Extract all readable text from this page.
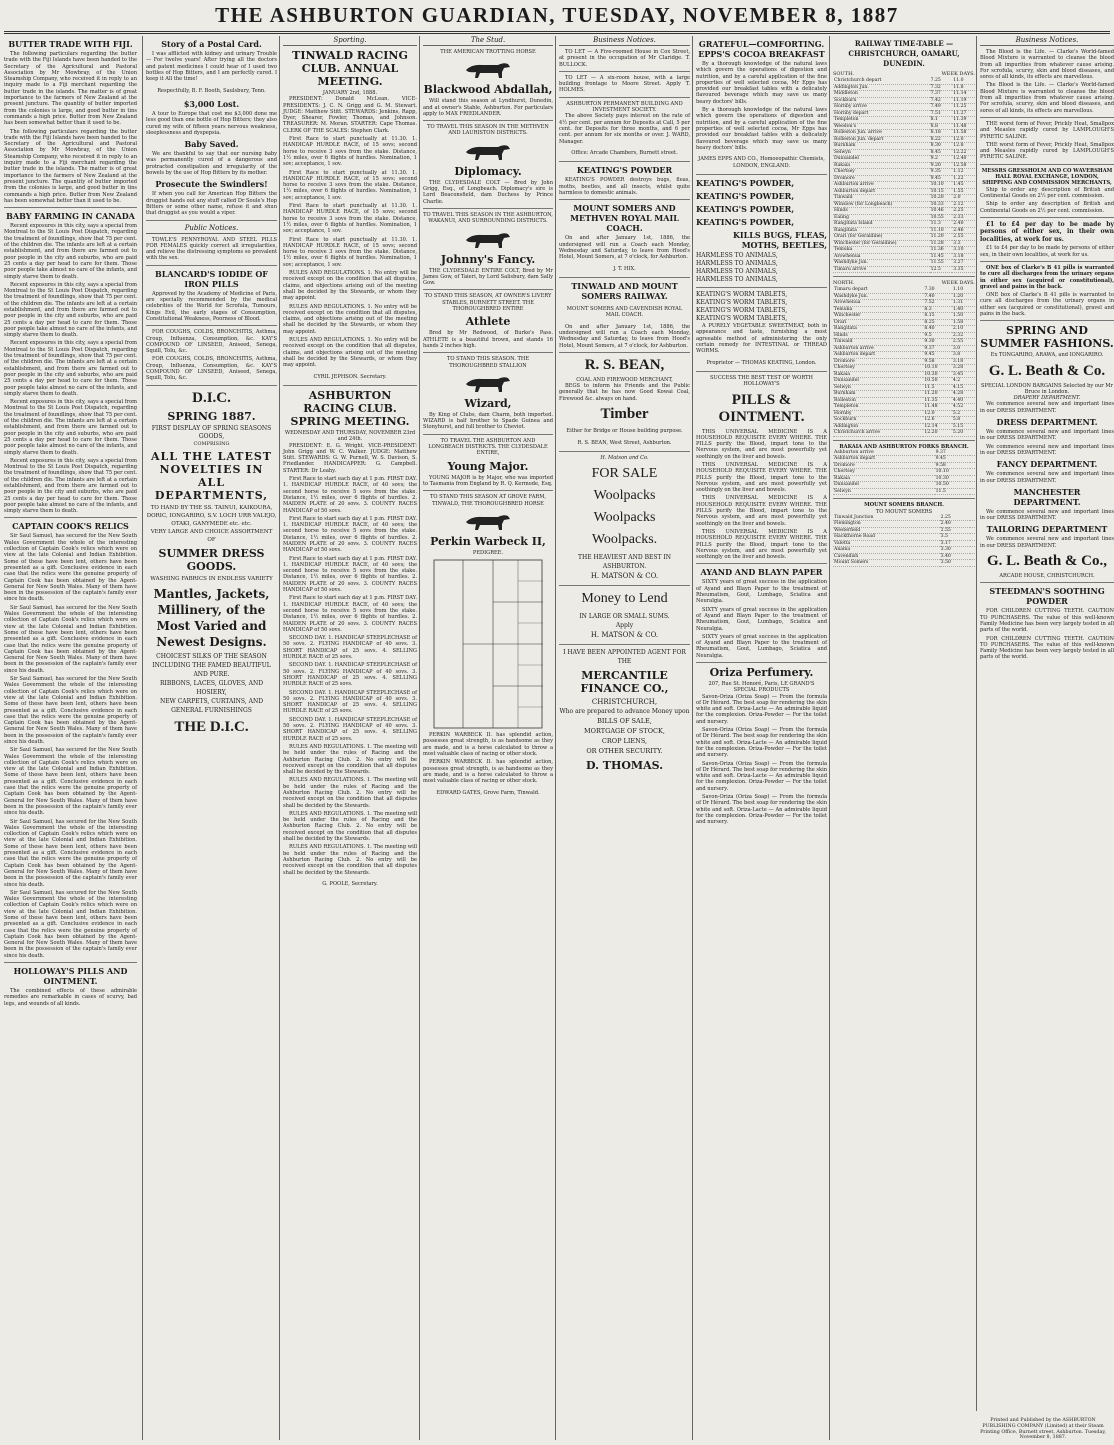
THE ASHBURTON GUARDIAN, TUESDAY, NOVEMBER 8, 1887
BUTTER TRADE WITH FIJI.

The following particulars regarding the butter trade with the Fiji Islands have been handed to the Secretary of the Agricultural and Pastoral Association by Mr Mowbray, of the Union Steamship Company, who received it in reply to an inquiry made to a Fiji merchant regarding the butter trade in the islands. The matter is of great importance to the farmers of New Zealand at the present juncture. The quantity of butter imported from the colonies is large, and good butter in tins commands a high price. Butter from New Zealand has been somewhat better than it used to be.

The following particulars regarding the butter trade with the Fiji Islands have been handed to the Secretary of the Agricultural and Pastoral Association by Mr Mowbray, of the Union Steamship Company, who received it in reply to an inquiry made to a Fiji merchant regarding the butter trade in the islands. The matter is of great importance to the farmers of New Zealand at the present juncture. The quantity of butter imported from the colonies is large, and good butter in tins commands a high price. Butter from New Zealand has been somewhat better than it used to be.

BABY FARMING IN CANADA

Recent exposures in this city, says a special from Montreal to the St Louis Post Dispatch, regarding the treatment of foundlings, show that 75 per cent. of the children die. The infants are left at a certain establishment, and from there are farmed out to poor people in the city and suburbs, who are paid 25 cents a day per head to care for them. Those poor people take almost no care of the infants, and simply starve them to death.

Recent exposures in this city, says a special from Montreal to the St Louis Post Dispatch, regarding the treatment of foundlings, show that 75 per cent. of the children die. The infants are left at a certain establishment, and from there are farmed out to poor people in the city and suburbs, who are paid 25 cents a day per head to care for them. Those poor people take almost no care of the infants, and simply starve them to death.

Recent exposures in this city, says a special from Montreal to the St Louis Post Dispatch, regarding the treatment of foundlings, show that 75 per cent. of the children die. The infants are left at a certain establishment, and from there are farmed out to poor people in the city and suburbs, who are paid 25 cents a day per head to care for them. Those poor people take almost no care of the infants, and simply starve them to death.

Recent exposures in this city, says a special from Montreal to the St Louis Post Dispatch, regarding the treatment of foundlings, show that 75 per cent. of the children die. The infants are left at a certain establishment, and from there are farmed out to poor people in the city and suburbs, who are paid 25 cents a day per head to care for them. Those poor people take almost no care of the infants, and simply starve them to death.

Recent exposures in this city, says a special from Montreal to the St Louis Post Dispatch, regarding the treatment of foundlings, show that 75 per cent. of the children die. The infants are left at a certain establishment, and from there are farmed out to poor people in the city and suburbs, who are paid 25 cents a day per head to care for them. Those poor people take almost no care of the infants, and simply starve them to death.

CAPTAIN COOK'S RELICS

Sir Saul Samuel, has secured for the New South Wales Government the whole of the interesting collection of Captain Cook's relics which were on view at the late Colonial and Indian Exhibition. Some of these have been lent, others have been presented as a gift. Conclusive evidence in each case that the relics were the genuine property of Captain Cook has been obtained by the Agent-General for New South Wales. Many of them have been in the possession of the captain's family ever since his death.

Sir Saul Samuel, has secured for the New South Wales Government the whole of the interesting collection of Captain Cook's relics which were on view at the late Colonial and Indian Exhibition. Some of these have been lent, others have been presented as a gift. Conclusive evidence in each case that the relics were the genuine property of Captain Cook has been obtained by the Agent-General for New South Wales. Many of them have been in the possession of the captain's family ever since his death.

Sir Saul Samuel, has secured for the New South Wales Government the whole of the interesting collection of Captain Cook's relics which were on view at the late Colonial and Indian Exhibition. Some of these have been lent, others have been presented as a gift. Conclusive evidence in each case that the relics were the genuine property of Captain Cook has been obtained by the Agent-General for New South Wales. Many of them have been in the possession of the captain's family ever since his death.

Sir Saul Samuel, has secured for the New South Wales Government the whole of the interesting collection of Captain Cook's relics which were on view at the late Colonial and Indian Exhibition. Some of these have been lent, others have been presented as a gift. Conclusive evidence in each case that the relics were the genuine property of Captain Cook has been obtained by the Agent-General for New South Wales. Many of them have been in the possession of the captain's family ever since his death.

Sir Saul Samuel, has secured for the New South Wales Government the whole of the interesting collection of Captain Cook's relics which were on view at the late Colonial and Indian Exhibition. Some of these have been lent, others have been presented as a gift. Conclusive evidence in each case that the relics were the genuine property of Captain Cook has been obtained by the Agent-General for New South Wales. Many of them have been in the possession of the captain's family ever since his death.

Sir Saul Samuel, has secured for the New South Wales Government the whole of the interesting collection of Captain Cook's relics which were on view at the late Colonial and Indian Exhibition. Some of these have been lent, others have been presented as a gift. Conclusive evidence in each case that the relics were the genuine property of Captain Cook has been obtained by the Agent-General for New South Wales. Many of them have been in the possession of the captain's family ever since his death.

HOLLOWAY'S PILLS AND OINTMENT.

The combined effects of these admirable remedies are remarkable in cases of scurvy, bad legs, and wounds of all kinds.

Story of a Postal Card.

I was afflicted with kidney and urinary Trouble — For twelve years! After trying all the doctors and patent medicines I could hear of I used two bottles of Hop Bitters, and I am perfectly cured. I keep it All the time!

Respectfully, B. F. Booth, Saulsbury, Tenn.

$3,000 Lost.

A tour to Europe that cost me $3,000 done me less good than one bottle of Hop Bitters; they also cured my wife of fifteen years nervous weakness, sleeplessness and dyspepsia.

Baby Saved.

We are thankful to say that our nursing baby was permanently cured of a dangerous and protracted constipation and irregularity of the bowels by the use of Hop Bitters by its mother.

Prosecute the Swindlers!

If when you call for American Hop Bitters the druggist hands out any stuff called Dr Soule's Hop Bitters or some other name, refuse it and shun that druggist as you would a viper.

Public Notices.

TOWLE'S PENNYROYAL AND STEEL PILLS FOR FEMALES quickly correct all irregularities, and relieve the distressing symptoms so prevalent with the sex.

BLANCARD'S IODIDE OF IRON PILLS

Approved by the Academy of Medicine of Paris, are specially recommended by the medical celebrities of the World for Scrofula, Tumours, Kings Evil, the early stages of Consumption, Constitutional Weakness, Poorness of Blood.

FOR COUGHS, COLDS, BRONCHITIS, Asthma, Croup, Influenza, Consumption, &c. KAY'S COMPOUND OF LINSEED, Aniseed, Senega, Squill, Tolu, &c.

FOR COUGHS, COLDS, BRONCHITIS, Asthma, Croup, Influenza, Consumption, &c. KAY'S COMPOUND OF LINSEED, Aniseed, Senega, Squill, Tolu, &c.

D.I.C.
SPRING 1887.
FIRST DISPLAY OF SPRING SEASONS GOODS,
COMPRISING
ALL THE LATEST NOVELTIES IN ALL DEPARTMENTS,
TO HAND BY THE SS. TAINUI, KAIKOURA, DORIC, IONGARIRO, S.V. LOCH URR VALEJO, OTAKI, GANYMEDE etc. etc.
VERY LARGE AND CHOICE ASSORTMENT OF
SUMMER DRESS GOODS.
WASHING FABRICS IN ENDLESS VARIETY
Mantles, Jackets, Millinery, of the Most Varied and Newest Designs.
CHOICEST SILKS OF THE SEASON INCLUDING THE FAMED BEAUTIFUL AND PURE.
RIBBONS, LACES, GLOVES, AND HOSIERY,
NEW CARPETS, CURTAINS, AND GENERAL FURNISHINGS
THE D.I.C.
Sporting.
TINWALD RACING CLUB. ANNUAL MEETING.
JANUARY 2nd, 1888.

PRESIDENT: Donald McLean. VICE-PRESIDENTS: J. C. N. Grigg and G. M. Stewart. JUDGE: Matthew Stitt. STEWARDS: Jenkins, Rapp, Dyer, Shearer, Fowler, Thomas, and Johnson. TREASURER: M. Moran. STARTER: Cape Thomas. CLERK OF THE SCALES: Stephen Clark.

First Race to start punctually at 11.30. 1. HANDICAP HURDLE RACE, of 15 sovs; second horse to receive 3 sovs from the stake. Distance, 1½ miles, over 6 flights of hurdles. Nomination, 1 sov; acceptance, 1 sov.

First Race to start punctually at 11.30. 1. HANDICAP HURDLE RACE, of 15 sovs; second horse to receive 3 sovs from the stake. Distance, 1½ miles, over 6 flights of hurdles. Nomination, 1 sov; acceptance, 1 sov.

First Race to start punctually at 11.30. 1. HANDICAP HURDLE RACE, of 15 sovs; second horse to receive 3 sovs from the stake. Distance, 1½ miles, over 6 flights of hurdles. Nomination, 1 sov; acceptance, 1 sov.

First Race to start punctually at 11.30. 1. HANDICAP HURDLE RACE, of 15 sovs; second horse to receive 3 sovs from the stake. Distance, 1½ miles, over 6 flights of hurdles. Nomination, 1 sov; acceptance, 1 sov.

RULES AND REGULATIONS. 1. No entry will be received except on the condition that all disputes, claims, and objections arising out of the meeting shall be decided by the Stewards, or whom they may appoint.

RULES AND REGULATIONS. 1. No entry will be received except on the condition that all disputes, claims, and objections arising out of the meeting shall be decided by the Stewards, or whom they may appoint.

RULES AND REGULATIONS. 1. No entry will be received except on the condition that all disputes, claims, and objections arising out of the meeting shall be decided by the Stewards, or whom they may appoint.

CYRIL JEPHSON. Secretary.

ASHBURTON RACING CLUB. SPRING MEETING.
WEDNESDAY AND THURSDAY, NOVEMBER 23rd and 24th.

PRESIDENT: E. G. Wright. VICE-PRESIDENT: John Grigg and W. C. Walker. JUDGE: Matthew Stitt. STEWARDS: G. W. Purnell, W. S. Davison, S. Friedlander. HANDICAPPER: G. Campbell. STARTER: Dr Leahy.

First Race to start each day at 1 p.m. FIRST DAY. 1. HANDICAP HURDLE RACE, of 40 sovs; the second horse to receive 5 sovs from the stake. Distance, 1½ miles, over 6 flights of hurdles. 2. MAIDEN PLATE of 20 sovs. 3. COUNTY RACES HANDICAP of 50 sovs.

First Race to start each day at 1 p.m. FIRST DAY. 1. HANDICAP HURDLE RACE, of 40 sovs; the second horse to receive 5 sovs from the stake. Distance, 1½ miles, over 6 flights of hurdles. 2. MAIDEN PLATE of 20 sovs. 3. COUNTY RACES HANDICAP of 50 sovs.

First Race to start each day at 1 p.m. FIRST DAY. 1. HANDICAP HURDLE RACE, of 40 sovs; the second horse to receive 5 sovs from the stake. Distance, 1½ miles, over 6 flights of hurdles. 2. MAIDEN PLATE of 20 sovs. 3. COUNTY RACES HANDICAP of 50 sovs.

First Race to start each day at 1 p.m. FIRST DAY. 1. HANDICAP HURDLE RACE, of 40 sovs; the second horse to receive 5 sovs from the stake. Distance, 1½ miles, over 6 flights of hurdles. 2. MAIDEN PLATE of 20 sovs. 3. COUNTY RACES HANDICAP of 50 sovs.

SECOND DAY. 1. HANDICAP STEEPLECHASE of 50 sovs. 2. FLYING HANDICAP of 40 sovs. 3. SHORT HANDICAP of 25 sovs. 4. SELLING HURDLE RACE of 25 sovs.

SECOND DAY. 1. HANDICAP STEEPLECHASE of 50 sovs. 2. FLYING HANDICAP of 40 sovs. 3. SHORT HANDICAP of 25 sovs. 4. SELLING HURDLE RACE of 25 sovs.

SECOND DAY. 1. HANDICAP STEEPLECHASE of 50 sovs. 2. FLYING HANDICAP of 40 sovs. 3. SHORT HANDICAP of 25 sovs. 4. SELLING HURDLE RACE of 25 sovs.

SECOND DAY. 1. HANDICAP STEEPLECHASE of 50 sovs. 2. FLYING HANDICAP of 40 sovs. 3. SHORT HANDICAP of 25 sovs. 4. SELLING HURDLE RACE of 25 sovs.

RULES AND REGULATIONS. 1. The meeting will be held under the rules of Racing and the Ashburton Racing Club. 2. No entry will be received except on the condition that all disputes shall be decided by the Stewards.

RULES AND REGULATIONS. 1. The meeting will be held under the rules of Racing and the Ashburton Racing Club. 2. No entry will be received except on the condition that all disputes shall be decided by the Stewards.

RULES AND REGULATIONS. 1. The meeting will be held under the rules of Racing and the Ashburton Racing Club. 2. No entry will be received except on the condition that all disputes shall be decided by the Stewards.

RULES AND REGULATIONS. 1. The meeting will be held under the rules of Racing and the Ashburton Racing Club. 2. No entry will be received except on the condition that all disputes shall be decided by the Stewards.

G. POOLE, Secretary.

The Stud.
THE AMERICAN TROTTING HORSE
Blackwood Abdallah,

Will stand this season at Lyndhurst, Dunedin, and at owner's Stable, Ashburton. For particulars apply to MAX FRIEDLANDER.

TO TRAVEL THIS SEASON IN THE METHVEN AND LAURISTON DISTRICTS.
Diplomacy.

THE CLYDESDALE COLT — Bred by John Grigg, Esq., of Longbeach. Diplomacy's sire is Lord Beaconsfield, dam Duchess by Prince Charlie.

TO TRAVEL THIS SEASON IN THE ASHBURTON, WAKANUI, AND SURROUNDING DISTRICTS.
Johnny's Fancy.

THE CLYDESDALE ENTIRE COLT, Bred by Mr James Gow, of Taieri, by Lord Salisbury, dam Sally Gow.

TO STAND THIS SEASON, AT OWNER'S LIVERY STABLES, BURNETT STREET. THE THOROUGHBRED ENTIRE
Athlete

Bred by Mr Redwood, of Burke's Pass. ATHLETE is a beautiful brown, and stands 16 hands 2 inches high.

TO STAND THIS SEASON. THE THOROUGHBRED STALLION
Wizard,

By King of Clubs, dam Charm, both imported. WIZARD is half brother to Spade Guinea and Stonyhurst, and full brother to Cheviot.

TO TRAVEL THE ASHBURTON AND LONGBEACH DISTRICTS. THE CLYDESDALE ENTIRE,
Young Major.

YOUNG MAJOR is by Major, who was imported to Tasmania from England by R. Q. Kermode, Esq.

TO STAND THIS SEASON AT GROVE FARM, TINWALD, THE THOROUGHBRED HORSE
Perkin Warbeck II,
PEDIGREE.

PERKIN WARBECK II. has splendid action, possesses great strength, is as handsome as they are made, and is a horse calculated to throw a most valuable class of racing or other stock.

PERKIN WARBECK II. has splendid action, possesses great strength, is as handsome as they are made, and is a horse calculated to throw a most valuable class of racing or other stock.

EDWARD GATES, Grove Farm, Tinwald.

Business Notices.

TO LET — A Five-roomed House in Cox Street, at present in the occupation of Mr Claridge. T. BULLOCK.

TO LET — A six-room house, with a large building frontage to Moore Street. Apply T. HOLMES.

ASHBURTON PERMANENT BUILDING AND INVESTMENT SOCIETY.

The above Society pays interest on the rate of 4½ per cent. per annum for Deposits at Call, 5 per cent. for Deposits for three months, and 6 per cent. per annum for six months or over. J. WARD, Manager.

Office: Arcade Chambers, Burnett street.

KEATING'S POWDER

KEATING'S POWDER destroys bugs, fleas, moths, beetles, and all insects, whilst quite harmless to domestic animals.

MOUNT SOMERS AND METHVEN ROYAL MAIL COACH.

On and after January 1st, 1886, the undersigned will run a Coach each Monday, Wednesday and Saturday, to leave from Hood's Hotel, Mount Somers, at 7 o'clock, for Ashburton.

J. T. HIX.

TINWALD AND MOUNT SOMERS RAILWAY.

MOUNT SOMERS AND CAVENDISH ROYAL MAIL COACH.

On and after January 1st, 1886, the undersigned will run a Coach each Monday, Wednesday and Saturday, to leave from Hood's Hotel, Mount Somers, at 7 o'clock, for Ashburton.

R. S. BEAN,
COAL AND FIREWOOD MERCHANT,

BEGS to inform his Friends and the Public generally that he has now Good Kowai Coal, Firewood &c. always on hand.

Timber

Either for Bridge or House building purpose.

R. S. BEAN, West Street, Ashburton.

H. Matson and Co.
FOR SALE
Woolpacks
Woolpacks
Woolpacks.
THE HEAVIEST AND BEST IN ASHBURTON.
H. MATSON & CO.
Money to Lend
IN LARGE OR SMALL SUMS.
Apply
H. MATSON & CO.
I HAVE BEEN APPOINTED AGENT FOR THE
MERCANTILE FINANCE CO.,
CHRISTCHURCH,
Who are prepared to advance Money upon
BILLS OF SALE,
MORTGAGE OF STOCK,
CROP LIENS,
OR OTHER SECURITY.
D. THOMAS.
GRATEFUL—COMFORTING. EPPS'S COCOA BREAKFAST

By a thorough knowledge of the natural laws which govern the operations of digestion and nutrition, and by a careful application of the fine properties of well selected cocoa, Mr Epps has provided our breakfast tables with a delicately flavoured beverage which may save us many heavy doctors' bills.

By a thorough knowledge of the natural laws which govern the operations of digestion and nutrition, and by a careful application of the fine properties of well selected cocoa, Mr Epps has provided our breakfast tables with a delicately flavoured beverage which may save us many heavy doctors' bills.

JAMES EPPS AND CO., Homoeopathic Chemists, LONDON, ENGLAND.

KEATING'S POWDER,
KEATING'S POWDER,
KEATING'S POWDER,
KEATING'S POWDER,
KILLS BUGS, FLEAS, MOTHS, BEETLES,
HARMLESS TO ANIMALS,
HARMLESS TO ANIMALS,
HARMLESS TO ANIMALS,
HARMLESS TO ANIMALS,
KEATING'S WORM TABLETS,
KEATING'S WORM TABLETS,
KEATING'S WORM TABLETS,
KEATING'S WORM TABLETS,

A PURELY VEGETABLE SWEETMEAT, both in appearance and taste, furnishing a most agreeable method of administering the only certain remedy for INTESTINAL or THREAD WORMS.

Proprietor — THOMAS KEATING, London.

SUCCESS THE BEST TEST OF WORTH
HOLLOWAY'S
PILLS & OINTMENT.

THIS UNIVERSAL MEDICINE IS A HOUSEHOLD REQUISITE EVERY WHERE. THE PILLS purify the Blood, impart tone to the Nervous system, and are most powerfully yet soothingly on the liver and bowels.

THIS UNIVERSAL MEDICINE IS A HOUSEHOLD REQUISITE EVERY WHERE. THE PILLS purify the Blood, impart tone to the Nervous system, and are most powerfully yet soothingly on the liver and bowels.

THIS UNIVERSAL MEDICINE IS A HOUSEHOLD REQUISITE EVERY WHERE. THE PILLS purify the Blood, impart tone to the Nervous system, and are most powerfully yet soothingly on the liver and bowels.

THIS UNIVERSAL MEDICINE IS A HOUSEHOLD REQUISITE EVERY WHERE. THE PILLS purify the Blood, impart tone to the Nervous system, and are most powerfully yet soothingly on the liver and bowels.

AYAND AND BLAYN PAPER

SIXTY years of great success in the application of Ayand and Blayn Paper to the treatment of Rheumatism, Gout, Lumbago, Sciatica and Neuralgia.

SIXTY years of great success in the application of Ayand and Blayn Paper to the treatment of Rheumatism, Gout, Lumbago, Sciatica and Neuralgia.

SIXTY years of great success in the application of Ayand and Blayn Paper to the treatment of Rheumatism, Gout, Lumbago, Sciatica and Neuralgia.

Oriza Perfumery.
207, Rue St. Honoré, Paris, LE GRAND'S SPECIAL PRODUCTS

Savon-Oriza (Oriza Soap) — From the formula of Dr Hérard. The best soap for rendering the skin white and soft. Oriza-Lacte — An admirable liquid for the complexion. Oriza-Powder — For the toilet and nursery.

Savon-Oriza (Oriza Soap) — From the formula of Dr Hérard. The best soap for rendering the skin white and soft. Oriza-Lacte — An admirable liquid for the complexion. Oriza-Powder — For the toilet and nursery.

Savon-Oriza (Oriza Soap) — From the formula of Dr Hérard. The best soap for rendering the skin white and soft. Oriza-Lacte — An admirable liquid for the complexion. Oriza-Powder — For the toilet and nursery.

Savon-Oriza (Oriza Soap) — From the formula of Dr Hérard. The best soap for rendering the skin white and soft. Oriza-Lacte — An admirable liquid for the complexion. Oriza-Powder — For the toilet and nursery.

RAILWAY TIME-TABLE — CHRISTCHURCH, OAMARU, DUNEDIN.
SOUTH.	WEEK DAYS.
Christchurch depart	7.25	11.0
Addington Jun.	7.32	11.8
Middleton	7.37	11.14
Sockburn	7.42	11.19
Hornby arrive	7.49	11.25
Hornby depart	7.51	11.27
Templeton	8.1	11.39
Weedon's	8.8	11.48
Rolleston Jun. arrive	8.18	11.58
Rolleston Jun. depart	8.22	12.0
Burnham	8.30	12.8
Selwyn	8.45	12.22
Dunsandel	9.2	12.40
Rakaia	9.20	12.58
Chertsey	9.35	1.12
Dromore	9.45	1.22
Ashburton arrive	10.10	1.45
Ashburton depart	10.15	1.55
Tinwald	10.20	2.0
Winslow (for Longbeach)	10.33	2.12
Hinds	10.46	2.25
Ealing	10.55	2.33
Rangitata Island	11.3	2.40
Rangitata	11.10	2.46
Orari (for Geraldine)	11.20	2.55
Winchester (for Geraldine)	11.28	3.3
Temuka	11.36	3.10
Arowhenua	11.45	3.18
Washdyke Jun.	11.55	3.27
Timaru arrive	12.5	3.35
NORTH.	WEEK DAYS.
Timaru depart	7.30	1.10
Washdyke Jun.	7.40	1.20
Arowhenua	7.52	1.31
Temuka	8.3	1.40
Winchester	8.15	1.50
Orari	8.25	1.58
Rangitata	8.40	2.10
Hinds	9.5	2.32
Tinwald	9.30	2.55
Ashburton arrive	9.37	3.0
Ashburton depart	9.45	3.8
Dromore	9.58	3.18
Chertsey	10.10	3.28
Rakaia	10.30	3.45
Dunsandel	10.50	4.2
Selwyn	11.5	4.15
Burnham	11.20	4.28
Rolleston	11.35	4.40
Templeton	11.48	4.52
Hornby	12.0	5.2
Sockburn	12.6	5.8
Addington	12.14	5.15
Christchurch arrive	12.20	5.20
RAKAIA AND ASHBURTON FORKS BRANCH.
Ashburton arrive	9.37	
Ashburton depart	9.45	
Dromore	9.58	
Chertsey	10.10	
Rakaia	10.30	
Dunsandel	10.50	
Selwyn	11.5	
MOUNT SOMERS BRANCH.
TO MOUNT SOMERS
Tinwald Junction	2.25	
Flemington	2.40	
Westerfield	2.55	
Hackthorne Road	3.5	
Valetta	3.17	
Anama	3.30	
Cavendish	3.40	
Mount Somers	3.50	
Business Notices.

The Blood is the Life. — Clarke's World-famed Blood Mixture is warranted to cleanse the blood from all impurities from whatever cause arising. For scrofula, scurvy, skin and blood diseases, and sores of all kinds, its effects are marvellous.

The Blood is the Life. — Clarke's World-famed Blood Mixture is warranted to cleanse the blood from all impurities from whatever cause arising. For scrofula, scurvy, skin and blood diseases, and sores of all kinds, its effects are marvellous.

THE worst form of Fever, Prickly Heat, Smallpox and Measles rapidly cured by LAMPLOUGH'S PYRETIC SALINE.

THE worst form of Fever, Prickly Heat, Smallpox and Measles rapidly cured by LAMPLOUGH'S PYRETIC SALINE.

MESSRS GRESSHOLM AND CO WAVERSHAM HALL ROYAL EXCHANGE, LONDON, SHIPPING AND COMMISSION MERCHANTS,

Ship to order any description of British and Continental Goods on 2½ per cent. commission.

Ship to order any description of British and Continental Goods on 2½ per cent. commission.

£1 to £4 per day to be made by persons of either sex, in their own localities, at work for us.

£1 to £4 per day to be made by persons of either sex, in their own localities, at work for us.

ONE box of Clarke's B 41 pills is warranted to cure all discharges from the urinary organs in either sex (acquired or constitutional), gravel and pains in the back.

ONE box of Clarke's B 41 pills is warranted to cure all discharges from the urinary organs in either sex (acquired or constitutional), gravel and pains in the back.

SPRING AND SUMMER FASHIONS.
Ex TONGARIRO, ARAWA, and IONGARIRO.
G. L. Beath & Co.
SPECIAL LONDON BARGAINS Selected by our Mr Bruce in London.
DRAPERY DEPARTMENT.

We commence several new and important lines in our DRESS DEPARTMENT.

DRESS DEPARTMENT.

We commence several new and important lines in our DRESS DEPARTMENT.

We commence several new and important lines in our DRESS DEPARTMENT.

FANCY DEPARTMENT.

We commence several new and important lines in our DRESS DEPARTMENT.

MANCHESTER DEPARTMENT.

We commence several new and important lines in our DRESS DEPARTMENT.

TAILORING DEPARTMENT

We commence several new and important lines in our DRESS DEPARTMENT.

G. L. Beath & Co.,
ARCADE HOUSE, CHRISTCHURCH.
STEEDMAN'S SOOTHING POWDER

FOR CHILDREN CUTTING TEETH. CAUTION TO PURCHASERS. The value of this well-known Family Medicine has been very largely tested in all parts of the world.

FOR CHILDREN CUTTING TEETH. CAUTION TO PURCHASERS. The value of this well-known Family Medicine has been very largely tested in all parts of the world.

Printed and Published by the ASHBURTON PUBLISHING COMPANY (Limited) at their Steam Printing Office, Burnett street, Ashburton. Tuesday, November 8, 1887.
